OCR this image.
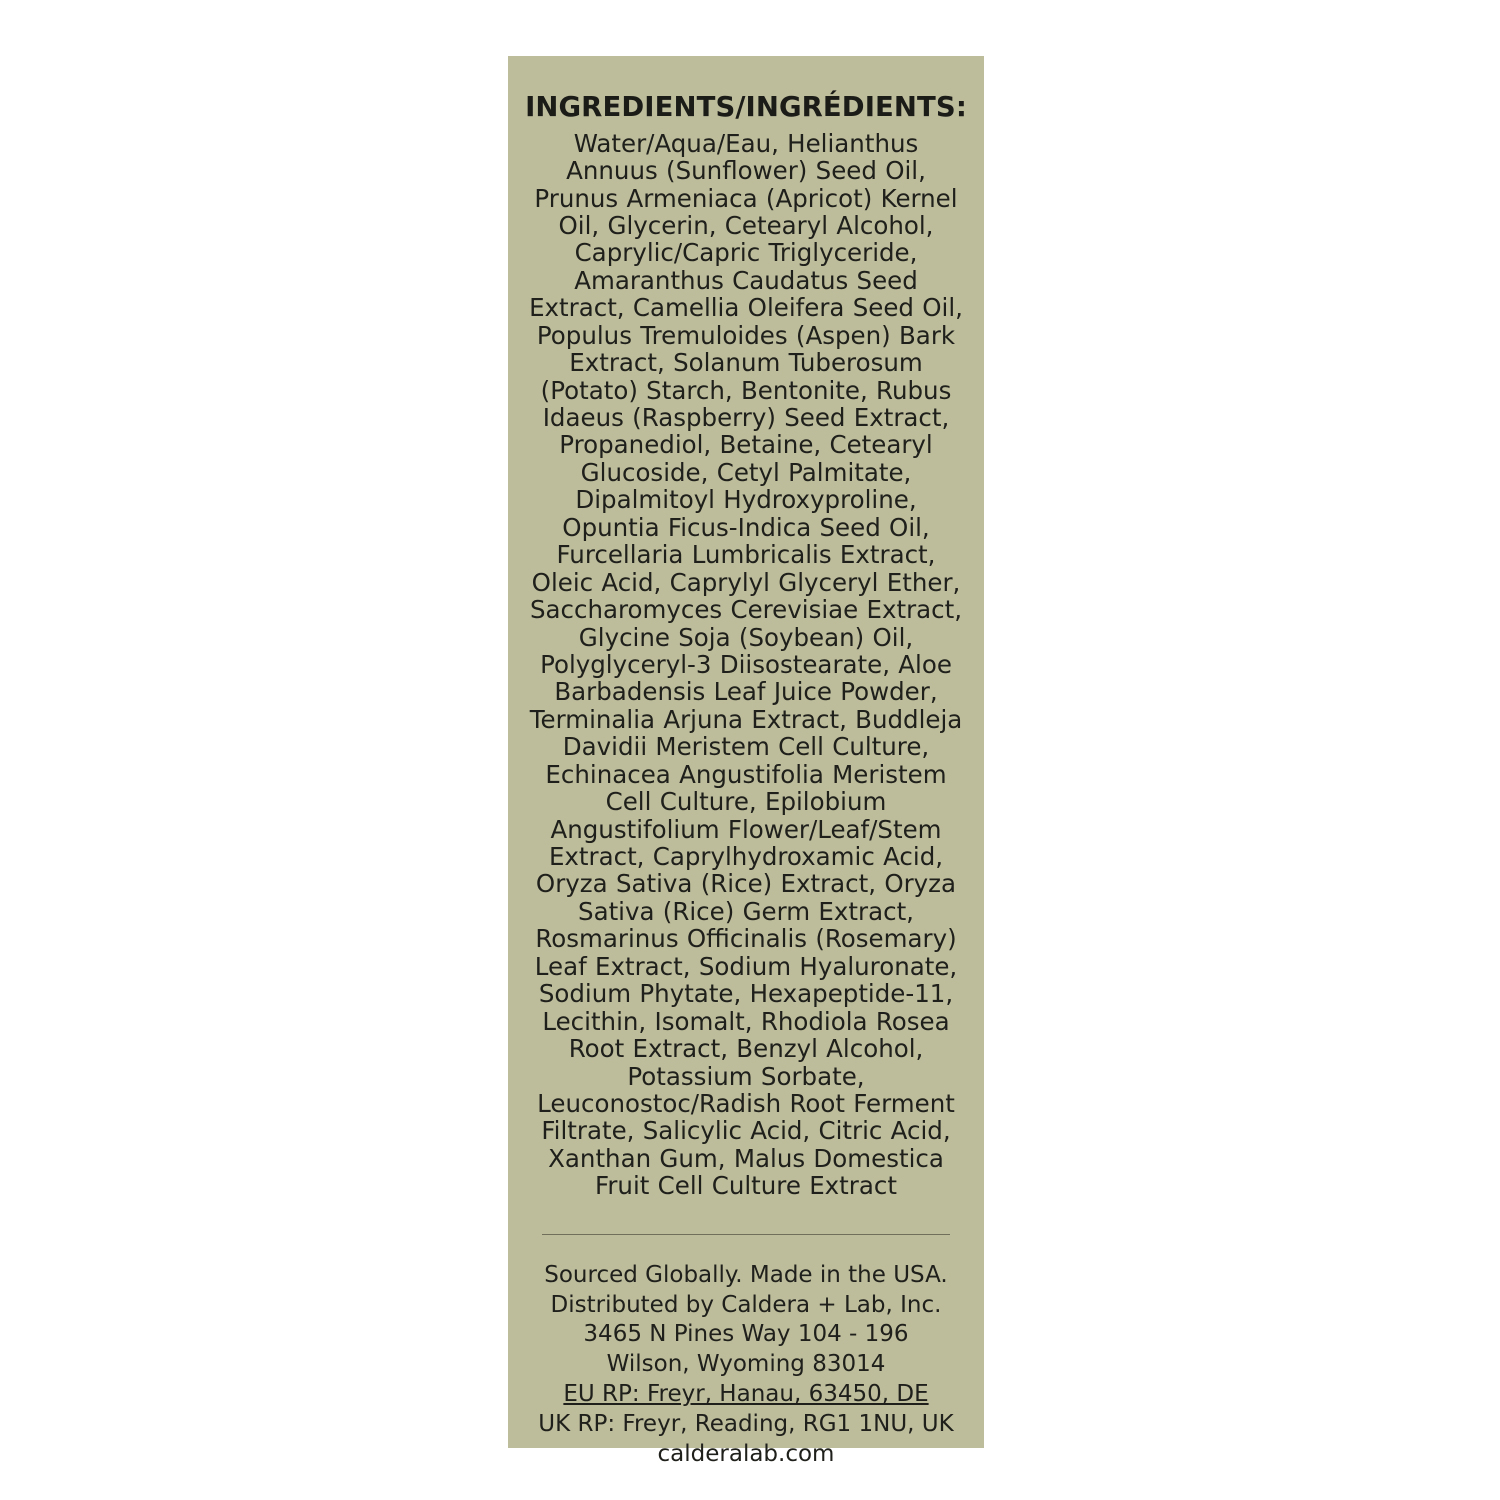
INGREDIENTS/INGRÉDIENTS:

Water/Aqua/Eau, Helianthus Annuus (Sunflower) Seed Oil, Prunus Armeniaca (Apricot) Kernel Oil, Glycerin, Cetearyl Alcohol, Caprylic/Capric Triglyceride, Amaranthus Caudatus Seed Extract, Camellia Oleifera Seed Oil, Populus Tremuloides (Aspen) Bark Extract, Solanum Tuberosum (Potato) Starch, Bentonite, Rubus Idaeus (Raspberry) Seed Extract, Propanediol, Betaine, Cetearyl Glucoside, Cetyl Palmitate, Dipalmitoyl Hydroxyproline, Opuntia Ficus-Indica Seed Oil, Furcellaria Lumbricalis Extract, Oleic Acid, Caprylyl Glyceryl Ether, Saccharomyces Cerevisiae Extract, Glycine Soja (Soybean) Oil, Polyglyceryl-3 Diisostearate, Aloe Barbadensis Leaf Juice Powder, Terminalia Arjuna Extract, Buddleja Davidii Meristem Cell Culture, Echinacea Angustifolia Meristem Cell Culture, Epilobium Angustifolium Flower/Leaf/Stem Extract, Caprylhydroxamic Acid, Oryza Sativa (Rice) Extract, Oryza Sativa (Rice) Germ Extract, Rosmarinus Officinalis (Rosemary) Leaf Extract, Sodium Hyaluronate, Sodium Phytate, Hexapeptide-11, Lecithin, Isomalt, Rhodiola Rosea Root Extract, Benzyl Alcohol, Potassium Sorbate, Leuconostoc/Radish Root Ferment Filtrate, Salicylic Acid, Citric Acid, Xanthan Gum, Malus Domestica Fruit Cell Culture Extract

Sourced Globally. Made in the USA.
Distributed by Caldera + Lab, Inc.
3465 N Pines Way 104 - 196
Wilson, Wyoming 83014
EU RP: Freyr, Hanau, 63450, DE
UK RP: Freyr, Reading, RG1 1NU, UK
calderalab.com
